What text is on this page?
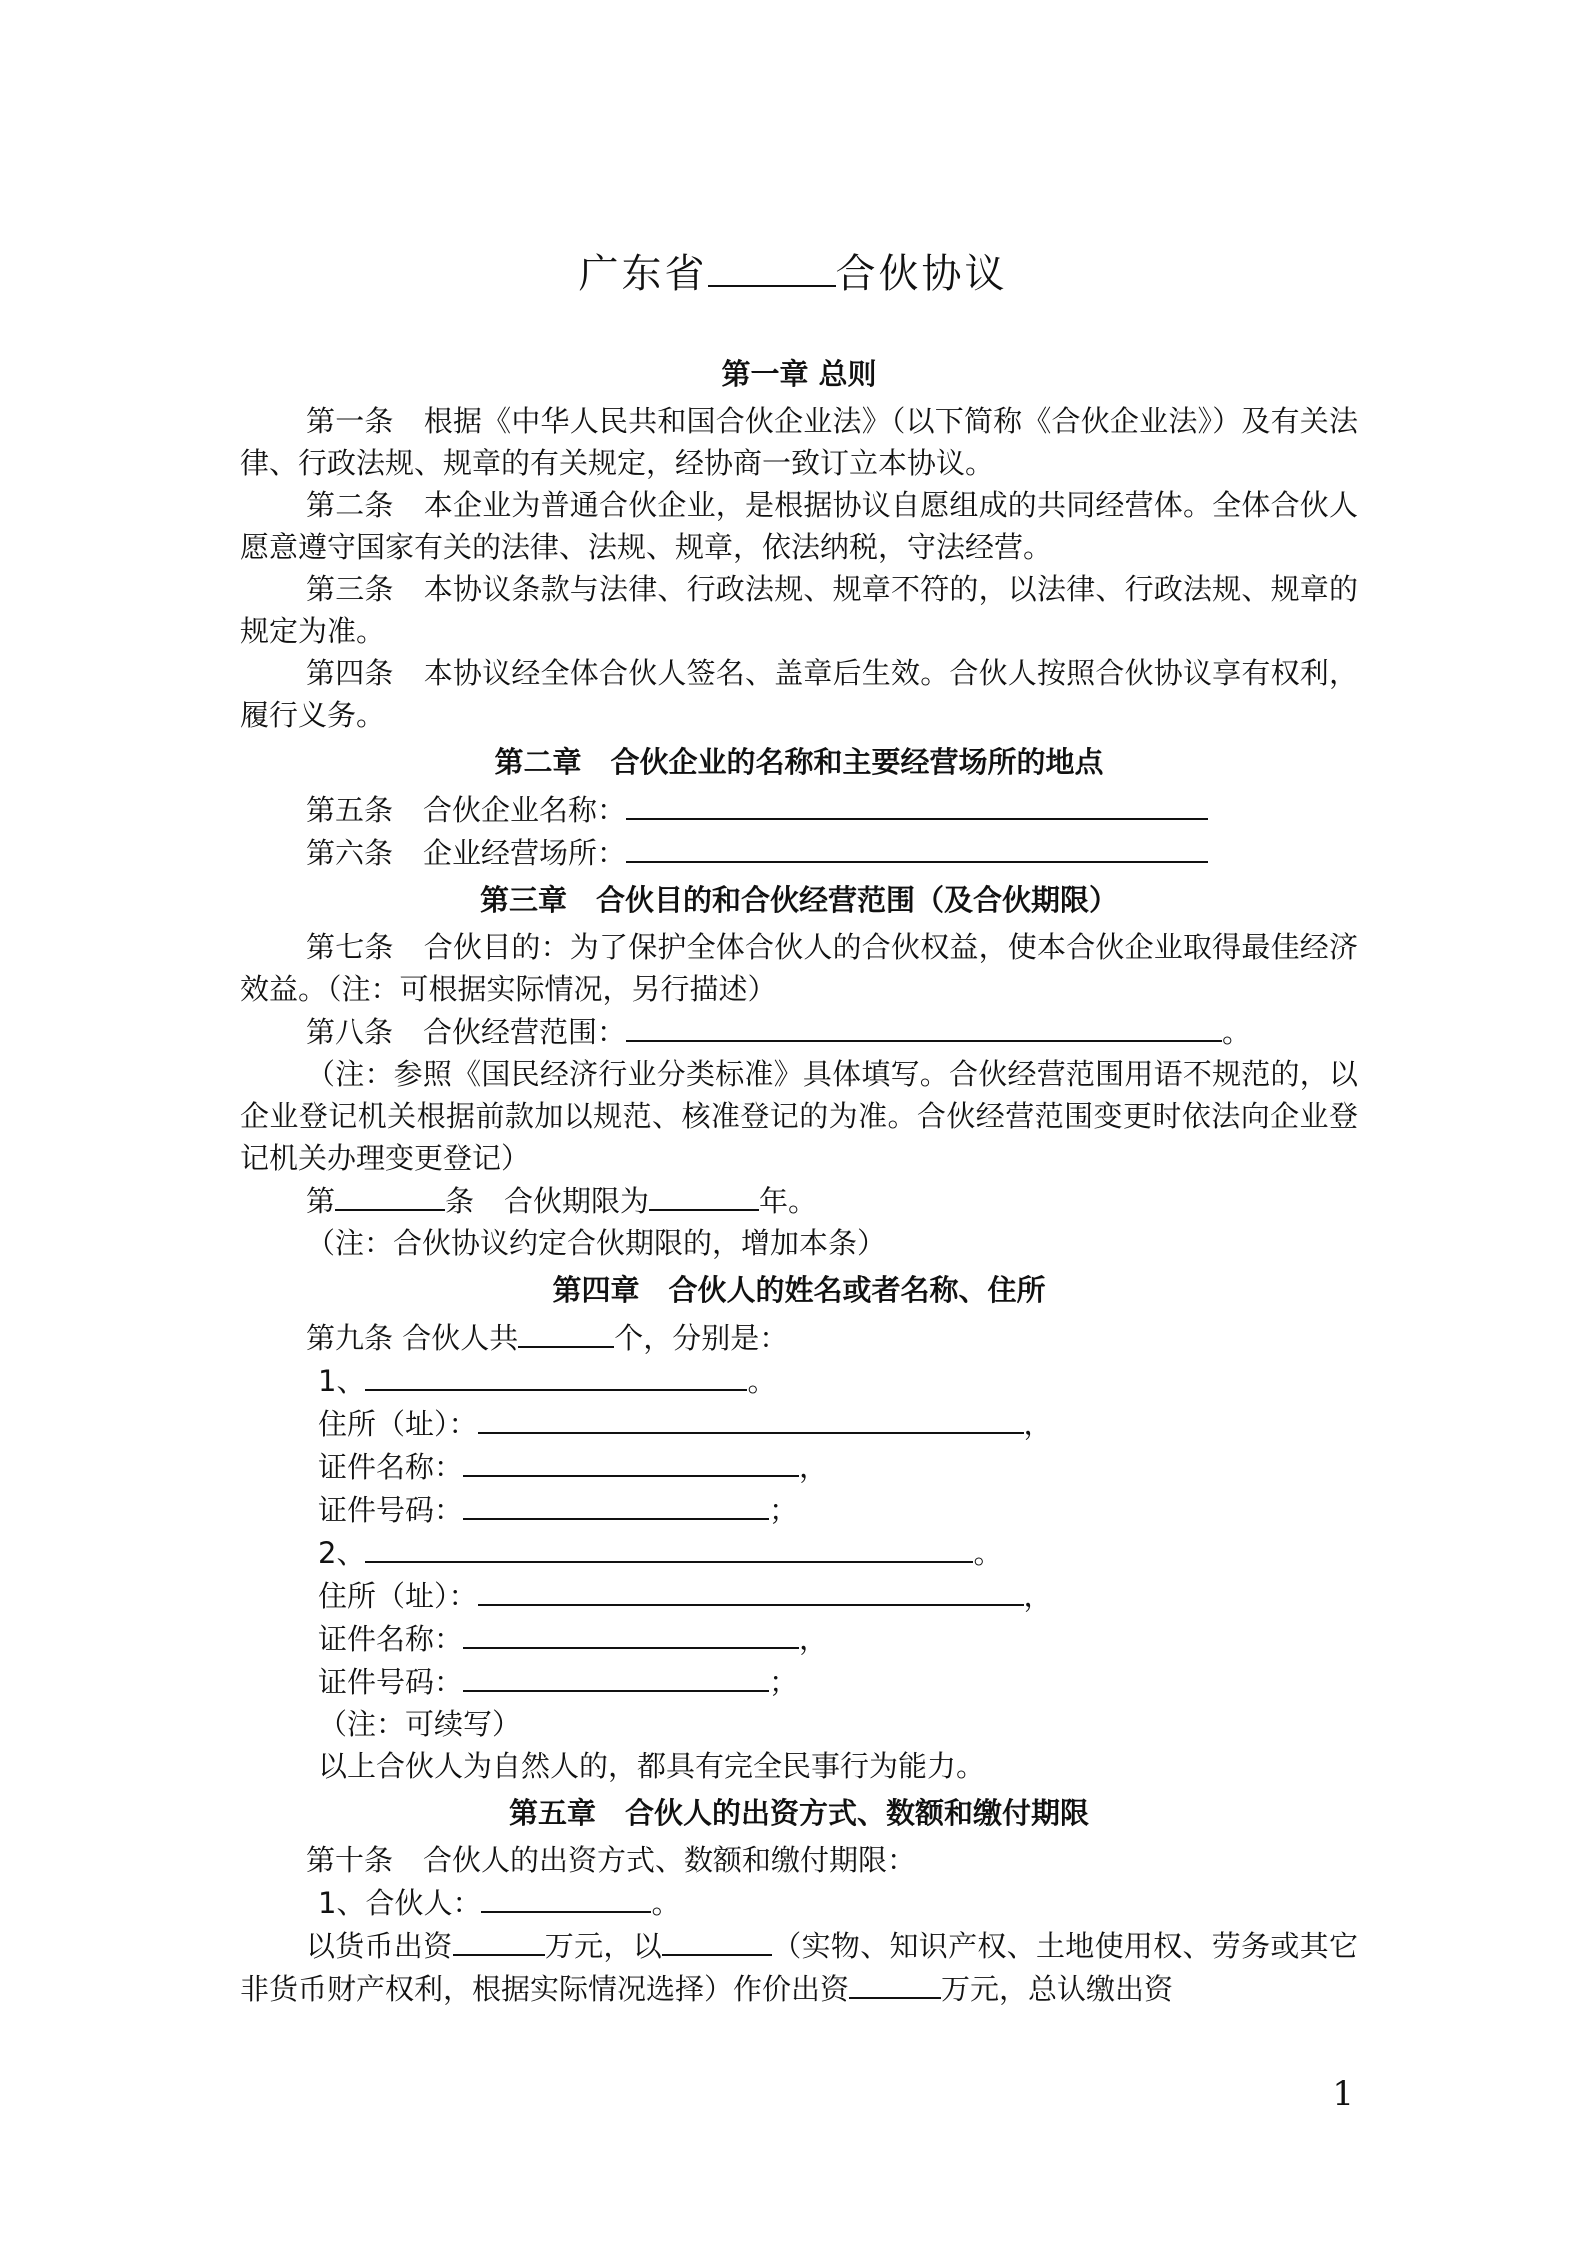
广东省	合伙协议
第一章 总则
第一条 根据《中华人民共和国合伙企业法》（以下简称《合伙企业法》）及有关法律、行政法规、规章的有关规定，经协商一致订立本协议。
第二条 本企业为普通合伙企业，是根据协议自愿组成的共同经营体。全体合伙人愿意遵守国家有关的法律、法规、规章，依法纳税，守法经营。
第三条 本协议条款与法律、行政法规、规章不符的，以法律、行政法规、规章的规定为准。
第四条 本协议经全体合伙人签名、盖章后生效。合伙人按照合伙协议享有权利，履行义务。
第二章　合伙企业的名称和主要经营场所的地点
第五条 合伙企业名称：
第六条 企业经营场所：
第三章　合伙目的和合伙经营范围（及合伙期限）
第七条 合伙目的：为了保护全体合伙人的合伙权益，使本合伙企业取得最佳经济效益。（注：可根据实际情况，另行描述）
第八条 合伙经营范围：	。
（注：参照《国民经济行业分类标准》具体填写。合伙经营范围用语不规范的，以企业登记机关根据前款加以规范、核准登记的为准。合伙经营范围变更时依法向企业登记机关办理变更登记）
第	条 合伙期限为	年。
（注：合伙协议约定合伙期限的，增加本条）
第四章　合伙人的姓名或者名称、住所
第九条 合伙人共	个，分别是：
1、	。
住所（址）：	，
证件名称：	，
证件号码：	；
2、	。
住所（址）：	，
证件名称：	，
证件号码：	；
（注：可续写）
以上合伙人为自然人的，都具有完全民事行为能力。
第五章　合伙人的出资方式、数额和缴付期限
第十条 合伙人的出资方式、数额和缴付期限：
1、合伙人：	。
以货币出资	万元，以	（实物、知识产权、土地使用权、劳务或其它非货币财产权利，根据实际情况选择）作价出资	万元，总认缴出资
1
